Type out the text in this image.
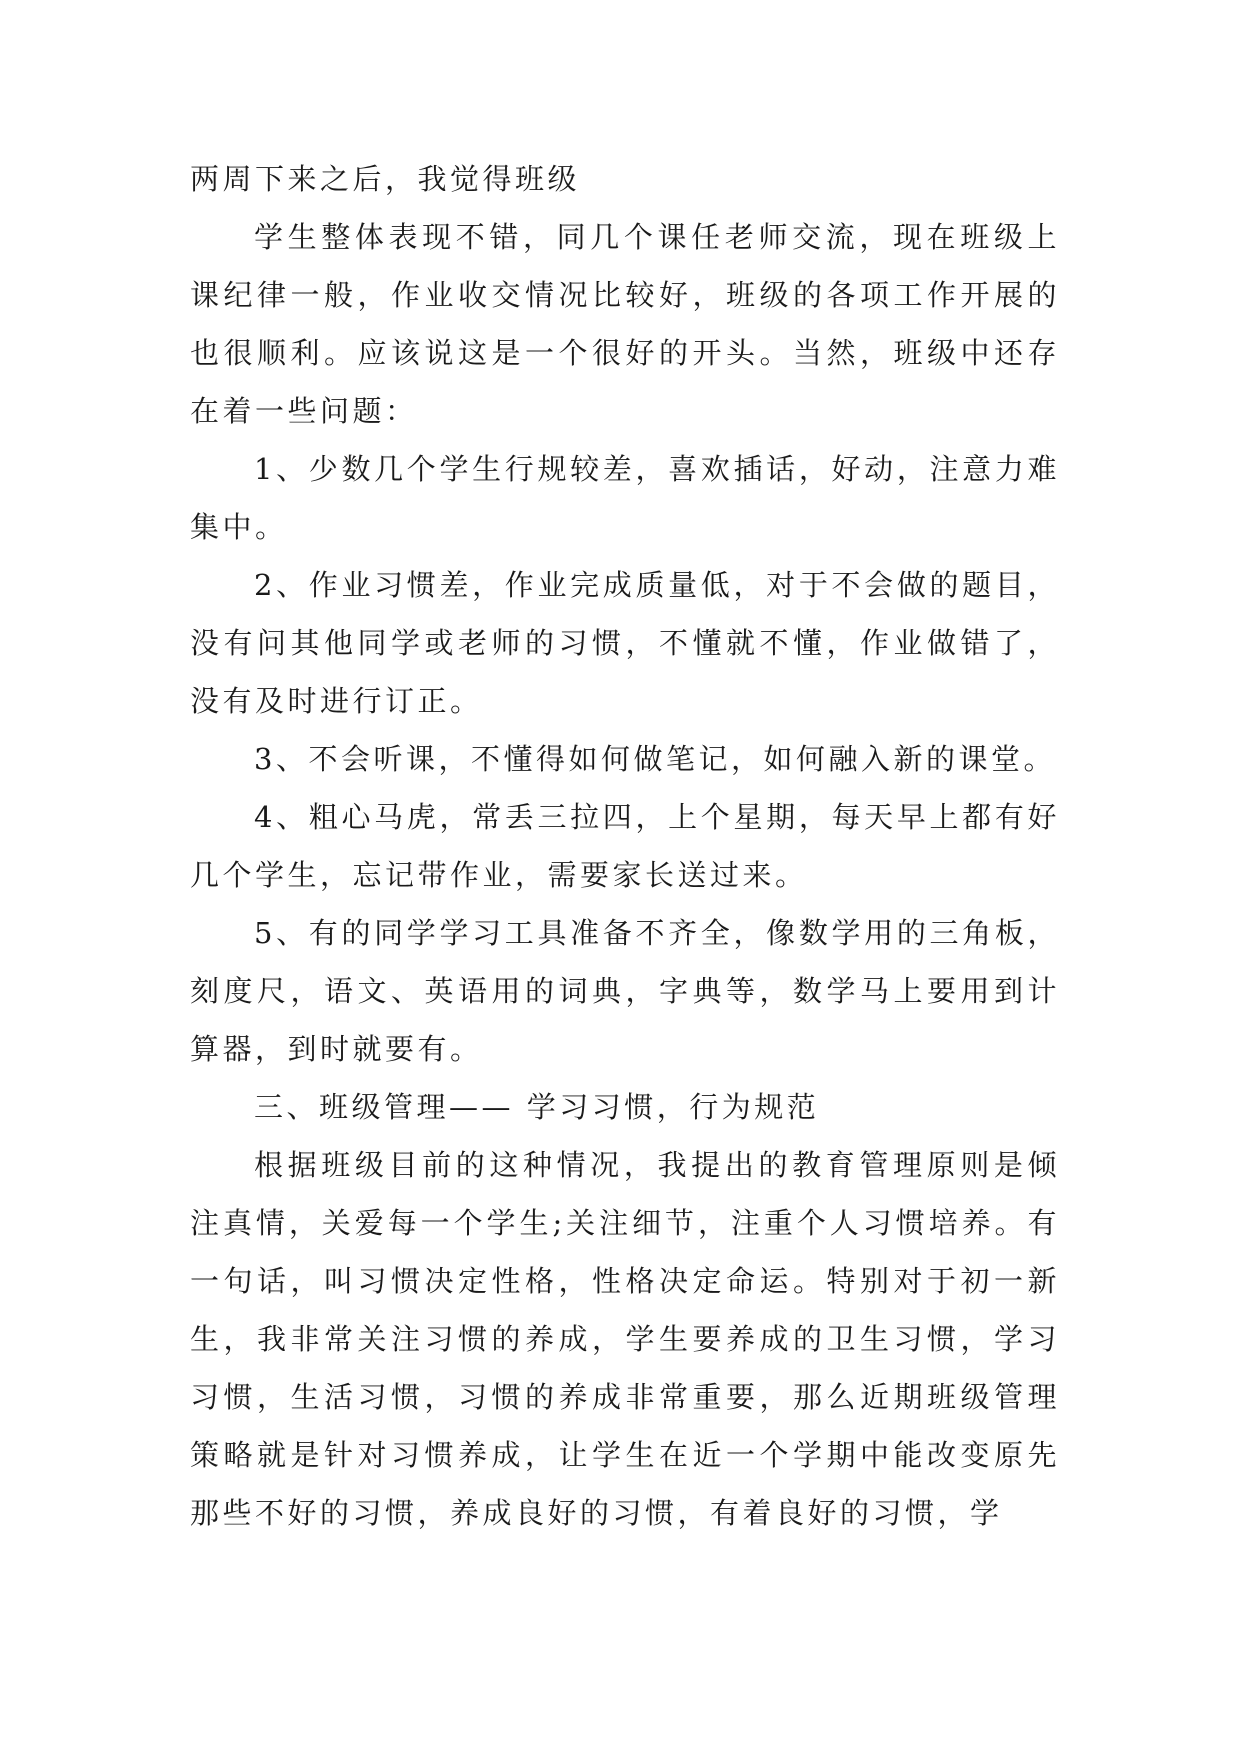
两周下来之后，我觉得班级

学生整体表现不错，同几个课任老师交流，现在班级上课纪律一般，作业收交情况比较好，班级的各项工作开展的也很顺利。应该说这是一个很好的开头。当然，班级中还存在着一些问题：

1、少数几个学生行规较差，喜欢插话，好动，注意力难集中。

2、作业习惯差，作业完成质量低，对于不会做的题目，没有问其他同学或老师的习惯，不懂就不懂，作业做错了，没有及时进行订正。

3、不会听课，不懂得如何做笔记，如何融入新的课堂。

4、粗心马虎，常丢三拉四，上个星期，每天早上都有好几个学生，忘记带作业，需要家长送过来。

5、有的同学学习工具准备不齐全，像数学用的三角板，刻度尺，语文、英语用的词典，字典等，数学马上要用到计算器，到时就要有。

三、班级管理—— 学习习惯，行为规范

根据班级目前的这种情况，我提出的教育管理原则是倾注真情，关爱每一个学生;关注细节，注重个人习惯培养。有一句话，叫习惯决定性格，性格决定命运。特别对于初一新生，我非常关注习惯的养成，学生要养成的卫生习惯，学习习惯，生活习惯，习惯的养成非常重要，那么近期班级管理策略就是针对习惯养成，让学生在近一个学期中能改变原先那些不好的习惯，养成良好的习惯，有着良好的习惯，学
